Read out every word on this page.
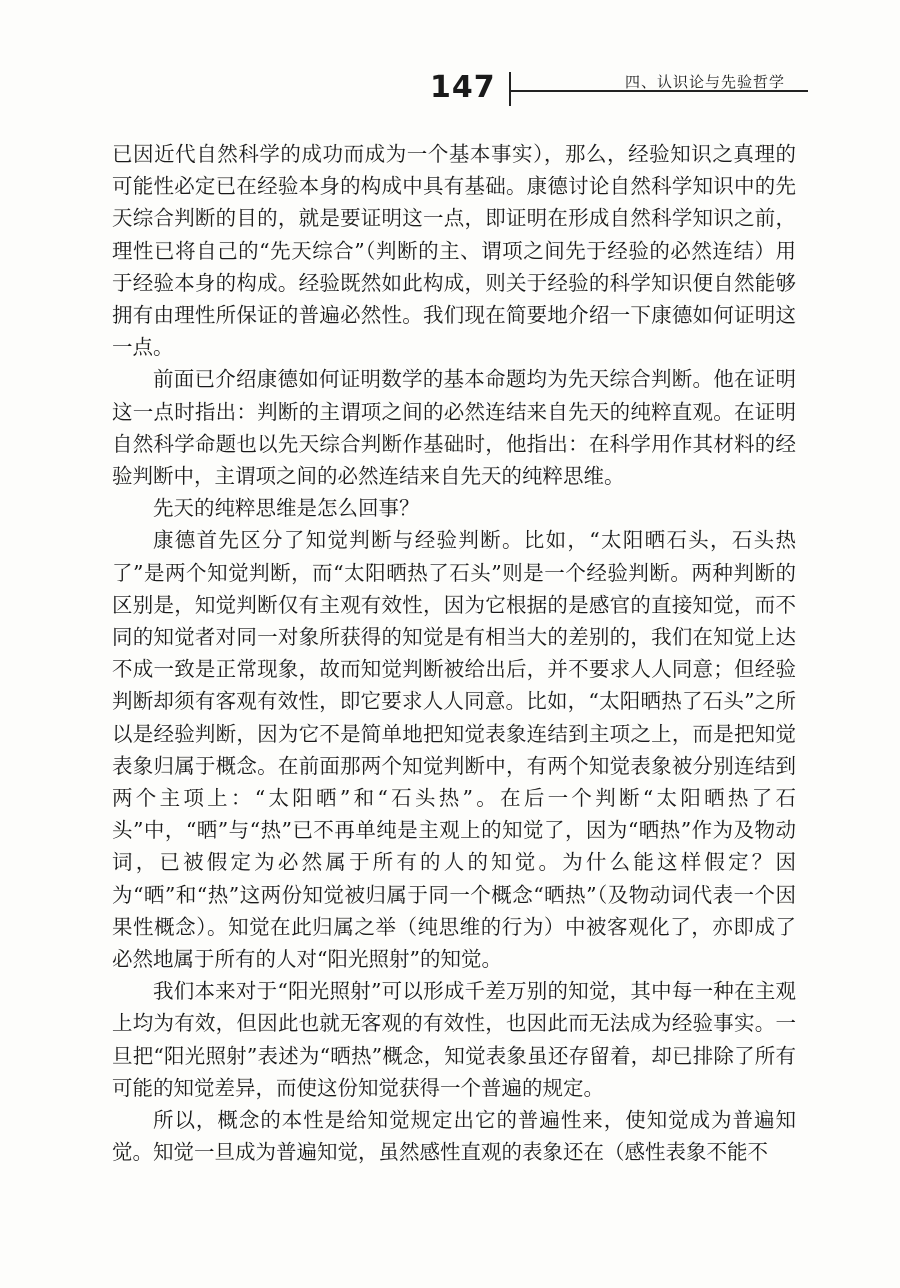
147	四、认识论与先验哲学

已因近代自然科学的成功而成为一个基本事实），那么，经验知识之真理的可能性必定已在经验本身的构成中具有基础。康德讨论自然科学知识中的先天综合判断的目的，就是要证明这一点，即证明在形成自然科学知识之前，理性已将自己的“先天综合”（判断的主、谓项之间先于经验的必然连结）用于经验本身的构成。经验既然如此构成，则关于经验的科学知识便自然能够拥有由理性所保证的普遍必然性。我们现在简要地介绍一下康德如何证明这一点。

前面已介绍康德如何证明数学的基本命题均为先天综合判断。他在证明这一点时指出：判断的主谓项之间的必然连结来自先天的纯粹直观。在证明自然科学命题也以先天综合判断作基础时，他指出：在科学用作其材料的经验判断中，主谓项之间的必然连结来自先天的纯粹思维。

先天的纯粹思维是怎么回事？

康德首先区分了知觉判断与经验判断。比如，“太阳晒石头，石头热了”是两个知觉判断，而“太阳晒热了石头”则是一个经验判断。两种判断的区别是，知觉判断仅有主观有效性，因为它根据的是感官的直接知觉，而不同的知觉者对同一对象所获得的知觉是有相当大的差别的，我们在知觉上达不成一致是正常现象，故而知觉判断被给出后，并不要求人人同意；但经验判断却须有客观有效性，即它要求人人同意。比如，“太阳晒热了石头”之所以是经验判断，因为它不是简单地把知觉表象连结到主项之上，而是把知觉表象归属于概念。在前面那两个知觉判断中，有两个知觉表象被分别连结到两个主项上：“太阳晒”和“石头热”。在后一个判断“太阳晒热了石头”中，“晒”与“热”已不再单纯是主观上的知觉了，因为“晒热”作为及物动词，已被假定为必然属于所有的人的知觉。为什么能这样假定？因为“晒”和“热”这两份知觉被归属于同一个概念“晒热”（及物动词代表一个因果性概念）。知觉在此归属之举（纯思维的行为）中被客观化了，亦即成了必然地属于所有的人对“阳光照射”的知觉。

我们本来对于“阳光照射”可以形成千差万别的知觉，其中每一种在主观上均为有效，但因此也就无客观的有效性，也因此而无法成为经验事实。一旦把“阳光照射”表述为“晒热”概念，知觉表象虽还存留着，却已排除了所有可能的知觉差异，而使这份知觉获得一个普遍的规定。

所以，概念的本性是给知觉规定出它的普遍性来，使知觉成为普遍知觉。知觉一旦成为普遍知觉，虽然感性直观的表象还在（感性表象不能不
